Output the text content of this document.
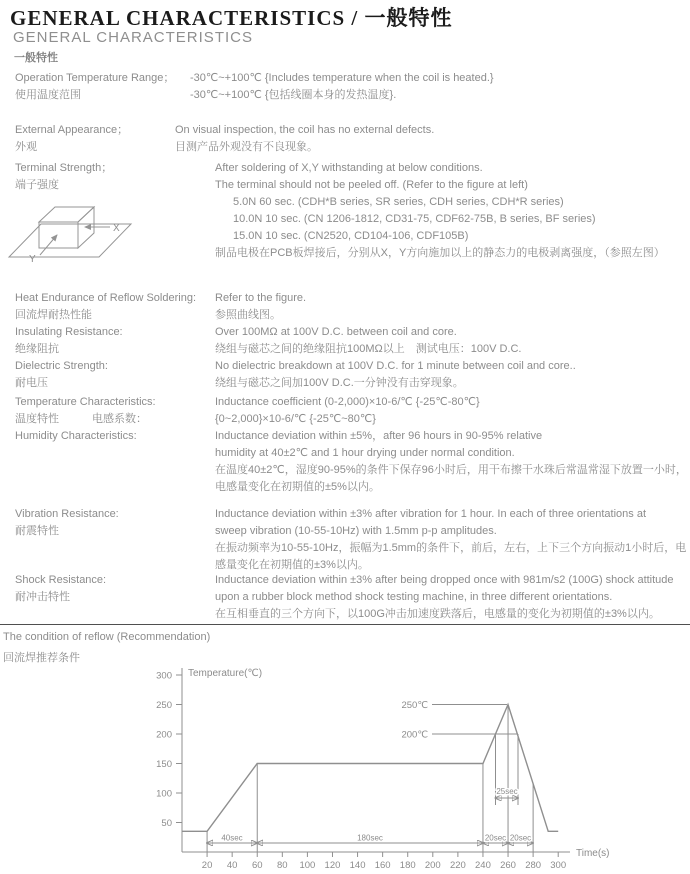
GENERAL CHARACTERISTICS / 一般特性
GENERAL CHARACTERISTICS
一般特性
Operation Temperature Range；
使用温度范围
-30℃~+100℃ {Includes temperature when the coil is heated.}
-30℃~+100℃ {包括线圈本身的发热温度}.
External Appearance；
外观
On visual inspection, the coil has no external defects.
目测产品外观没有不良现象。
Terminal Strength；
端子强度
X
Y
After soldering of X,Y withstanding at below conditions.
The terminal should not be peeled off. (Refer to the figure at left)
5.0N 60 sec. (CDH*B series, SR series, CDH series, CDH*R series)
10.0N 10 sec. (CN 1206-1812, CD31-75, CDF62-75B, B series, BF series)
15.0N 10 sec. (CN2520, CD104-106, CDF105B)
制品电极在PCB板焊接后，分别从X，Y方向施加以上的静态力的电极剥离强度，（参照左图）
Heat Endurance of Reflow Soldering:
回流焊耐热性能
Refer to the figure.
参照曲线图。
Insulating Resistance:
绝缘阻抗
Over 100MΩ at 100V D.C. between coil and core.
绕组与磁芯之间的绝缘阻抗100MΩ以上　测试电压：100V D.C.
Dielectric Strength:
耐电压
No dielectric breakdown at 100V D.C. for 1 minute between coil and core..
绕组与磁芯之间加100V D.C.一分钟没有击穿现象。
Temperature Characteristics:
温度特性　　　电感系数：
Inductance coefficient (0-2,000)×10-6/℃ {-25℃-80℃}
{0~2,000}×10-6/℃ {-25℃~80℃}
Humidity Characteristics:	Inductance deviation within ±5%，after 96 hours in 90-95% relative
humidity at 40±2℃ and 1 hour drying under normal condition.
在温度40±2℃，湿度90-95%的条件下保存96小时后，用干布擦干水珠后常温常湿下放置一小时，
电感量变化在初期值的±5%以内。
Vibration Resistance:
耐震特性
Inductance deviation within ±3% after vibration for 1 hour. In each of three orientations at
sweep vibration (10-55-10Hz) with 1.5mm p-p amplitudes.
在振动频率为10-55-10Hz，振幅为1.5mm的条件下，前后，左右，上下三个方向振动1小时后，电
感量变化在初期值的±3%以内。
Shock Resistance:
耐冲击特性
Inductance deviation within ±3% after being dropped once with 981m/s2 (100G) shock attitude
upon a rubber block method shock testing machine, in three different orientations.
在互相垂直的三个方向下，以100G冲击加速度跌落后，电感量的变化为初期值的±3%以内。
The condition of reflow (Recommendation)
回流焊推荐条件
50
100
150
200
250
300
20 40 60 80 100 120 140 160 180 200 220 240 260 280 300
Temperature(℃)
Time(s)
250℃
200℃
25sec
40sec	180sec	20sec 20sec
